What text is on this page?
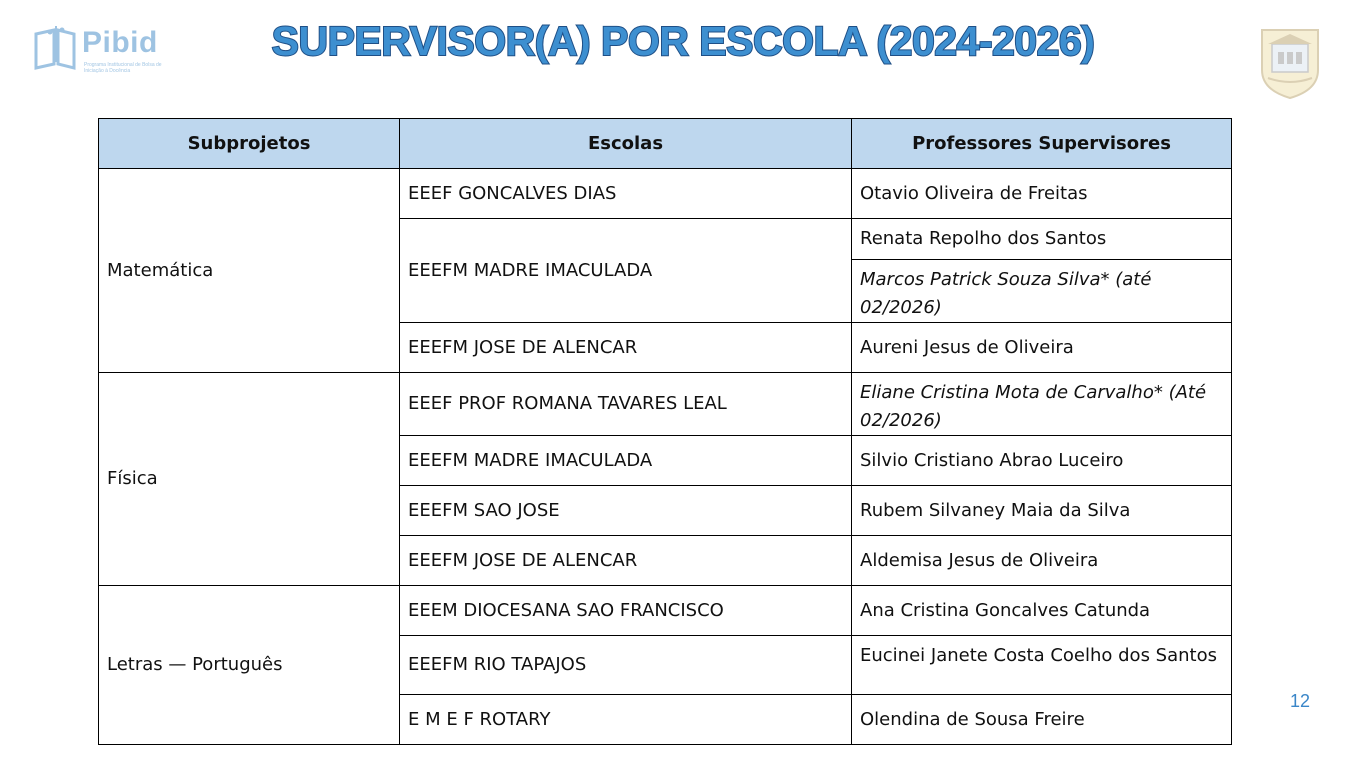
Pibid
Programa Institucional de Bolsa de Iniciação à Docência
SUPERVISOR(A) POR ESCOLA (2024-2026)
Subprojetos	Escolas	Professores Supervisores
Matemática	EEEF GONCALVES DIAS	Otavio Oliveira de Freitas
	EEEFM MADRE IMACULADA	Renata Repolho dos Santos

		Marcos Patrick Souza Silva* (até 02/2026)

	EEEFM JOSE DE ALENCAR	Aureni Jesus de Oliveira
Física	EEEF PROF ROMANA TAVARES LEAL	Eliane Cristina Mota de Carvalho* (Até 02/2026)

	EEEFM MADRE IMACULADA	Silvio Cristiano Abrao Luceiro
	EEEFM SAO JOSE	Rubem Silvaney Maia da Silva
	EEEFM JOSE DE ALENCAR	Aldemisa Jesus de Oliveira
Letras — Português	EEEM DIOCESANA SAO FRANCISCO	Ana Cristina Goncalves Catunda
	EEEFM RIO TAPAJOS	Eucinei Janete Costa Coelho dos Santos

	E M E F ROTARY	Olendina de Sousa Freire
12
